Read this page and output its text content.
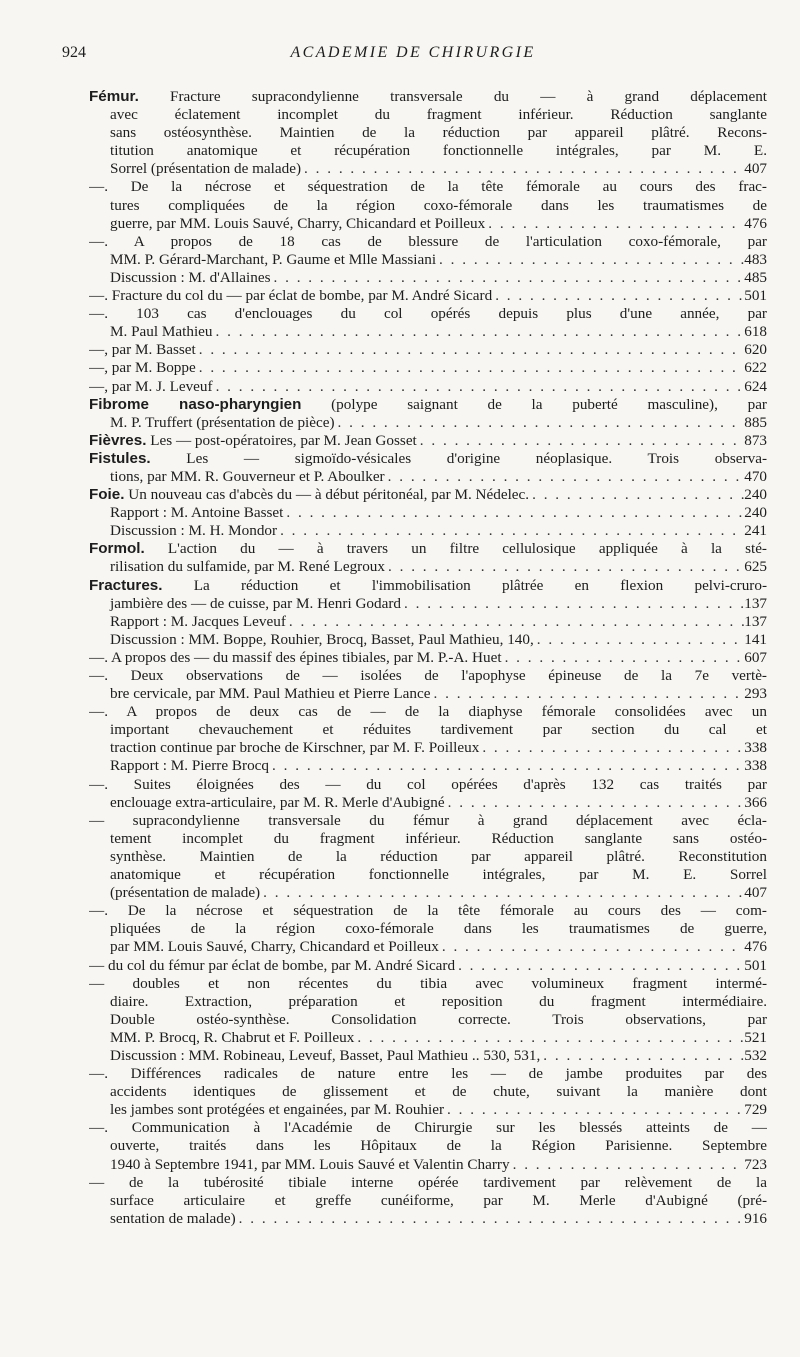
924	ACADEMIE DE CHIRURGIE
Fémur. Fracture supracondylienne transversale du — à grand déplacement
avec éclatement incomplet du fragment inférieur. Réduction sanglante
sans ostéosynthèse. Maintien de la réduction par appareil plâtré. Recons-
titution anatomique et récupération fonctionnelle intégrales, par M. E.
Sorrel (présentation de malade) . . .	407
—. De la nécrose et séquestration de la tête fémorale au cours des frac-
tures compliquées de la région coxo-fémorale dans les traumatismes de
guerre, par MM. Louis Sauvé, Charry, Chicandard et Poilleux . . .	476
—. A propos de 18 cas de blessure de l'articulation coxo-fémorale, par
MM. P. Gérard-Marchant, P. Gaume et Mlle Massiani . . .	483
Discussion : M. d'Allaines . . .	485
—. Fracture du col du — par éclat de bombe, par M. André Sicard . . .	501
—. 103 cas d'enclouages du col opérés depuis plus d'une année, par
M. Paul Mathieu . . .	618
—, par M. Basset . . .	620
—, par M. Boppe . . .	622
—, par M. J. Leveuf . . .	624
Fibrome naso-pharyngien (polype saignant de la puberté masculine), par
M. P. Truffert (présentation de pièce) . . .	885
Fièvres. Les — post-opératoires, par M. Jean Gosset . . .	873
Fistules. Les — sigmoïdo-vésicales d'origine néoplasique. Trois observa-
tions, par MM. R. Gouverneur et P. Aboulker . . .	470
Foie. Un nouveau cas d'abcès du — à début péritonéal, par M. Nédelec. . . .	240
Rapport : M. Antoine Basset . . .	240
Discussion : M. H. Mondor . . .	241
Formol. L'action du — à travers un filtre cellulosique appliquée à la sté-
rilisation du sulfamide, par M. René Legroux . . .	625
Fractures. La réduction et l'immobilisation plâtrée en flexion pelvi-cruro-
jambière des — de cuisse, par M. Henri Godard . . .	137
Rapport : M. Jacques Leveuf . . .	137
Discussion : MM. Boppe, Rouhier, Brocq, Basset, Paul Mathieu, 140, . . .	141
—. A propos des — du massif des épines tibiales, par M. P.-A. Huet . . .	607
—. Deux observations de — isolées de l'apophyse épineuse de la 7e vertè-
bre cervicale, par MM. Paul Mathieu et Pierre Lance . . .	293
—. A propos de deux cas de — de la diaphyse fémorale consolidées avec un
important chevauchement et réduites tardivement par section du cal et
traction continue par broche de Kirschner, par M. F. Poilleux . . .	338
Rapport : M. Pierre Brocq . . .	338
—. Suites éloignées des — du col opérées d'après 132 cas traités par
enclouage extra-articulaire, par M. R. Merle d'Aubigné . . .	366
— supracondylienne transversale du fémur à grand déplacement avec écla-
tement incomplet du fragment inférieur. Réduction sanglante sans ostéo-
synthèse. Maintien de la réduction par appareil plâtré. Reconstitution
anatomique et récupération fonctionnelle intégrales, par M. E. Sorrel
(présentation de malade) . . .	407
—. De la nécrose et séquestration de la tête fémorale au cours des — com-
pliquées de la région coxo-fémorale dans les traumatismes de guerre,
par MM. Louis Sauvé, Charry, Chicandard et Poilleux . . .	476
— du col du fémur par éclat de bombe, par M. André Sicard . . .	501
— doubles et non récentes du tibia avec volumineux fragment intermé-
diaire. Extraction, préparation et reposition du fragment intermédiaire.
Double ostéo-synthèse. Consolidation correcte. Trois observations, par
MM. P. Brocq, R. Chabrut et F. Poilleux . . .	521
Discussion : MM. Robineau, Leveuf, Basset, Paul Mathieu .. 530, 531, . . .	532
—. Différences radicales de nature entre les — de jambe produites par des
accidents identiques de glissement et de chute, suivant la manière dont
les jambes sont protégées et engainées, par M. Rouhier . . .	729
—. Communication à l'Académie de Chirurgie sur les blessés atteints de —
ouverte, traités dans les Hôpitaux de la Région Parisienne. Septembre
1940 à Septembre 1941, par MM. Louis Sauvé et Valentin Charry . . .	723
— de la tubérosité tibiale interne opérée tardivement par relèvement de la
surface articulaire et greffe cunéiforme, par M. Merle d'Aubigné (pré-
sentation de malade) . . .	916
